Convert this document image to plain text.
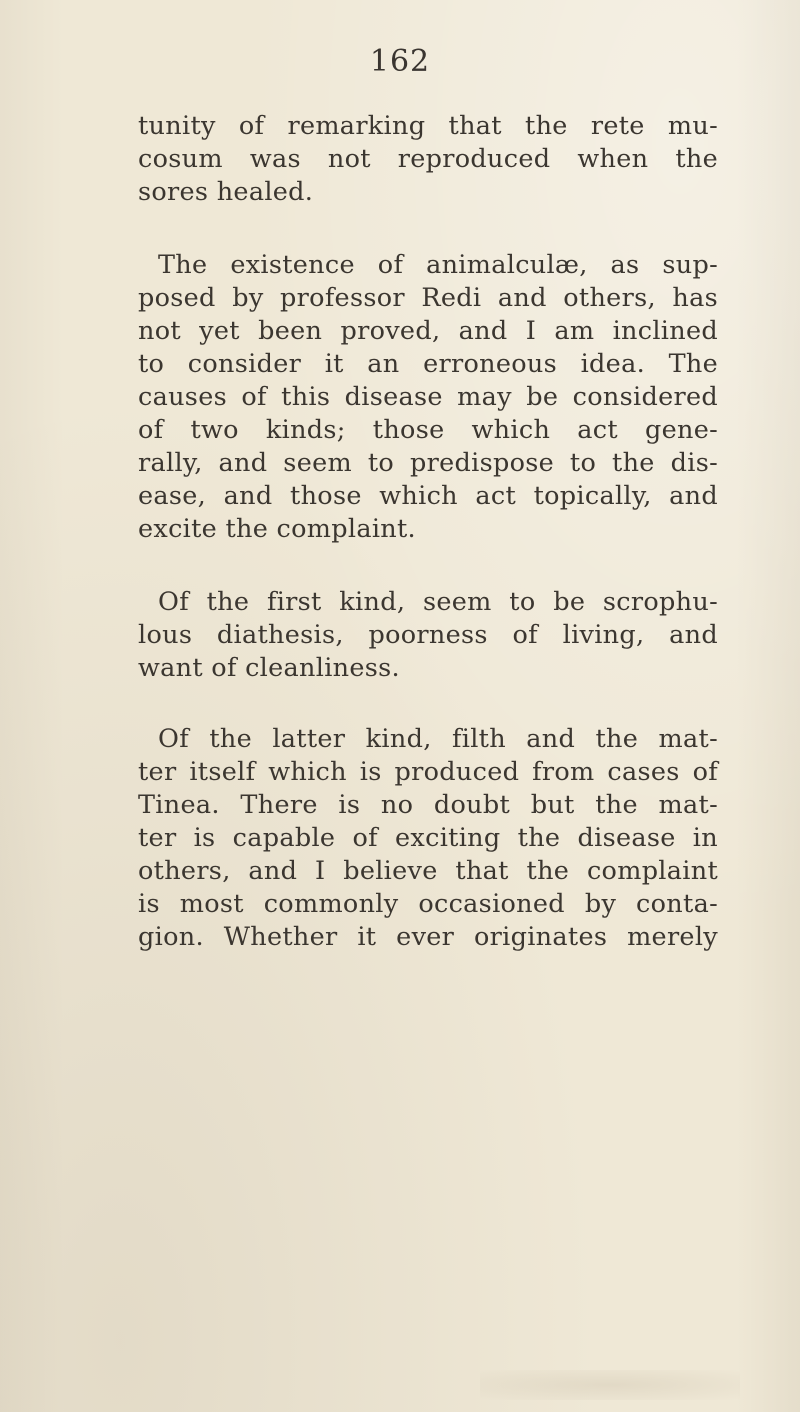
162
tunity of remarking that the rete mu-
cosum was not reproduced when the
sores healed.
The existence of animalculæ, as sup-
posed by professor Redi and others, has
not yet been proved, and I am inclined
to consider it an erroneous idea. The
causes of this disease may be considered
of two kinds; those which act gene-
rally, and seem to predispose to the dis-
ease, and those which act topically, and
excite the complaint.
Of the first kind, seem to be scrophu-
lous diathesis, poorness of living, and
want of cleanliness.
Of the latter kind, filth and the mat-
ter itself which is produced from cases of
Tinea. There is no doubt but the mat-
ter is capable of exciting the disease in
others, and I believe that the complaint
is most commonly occasioned by conta-
gion. Whether it ever originates merely
